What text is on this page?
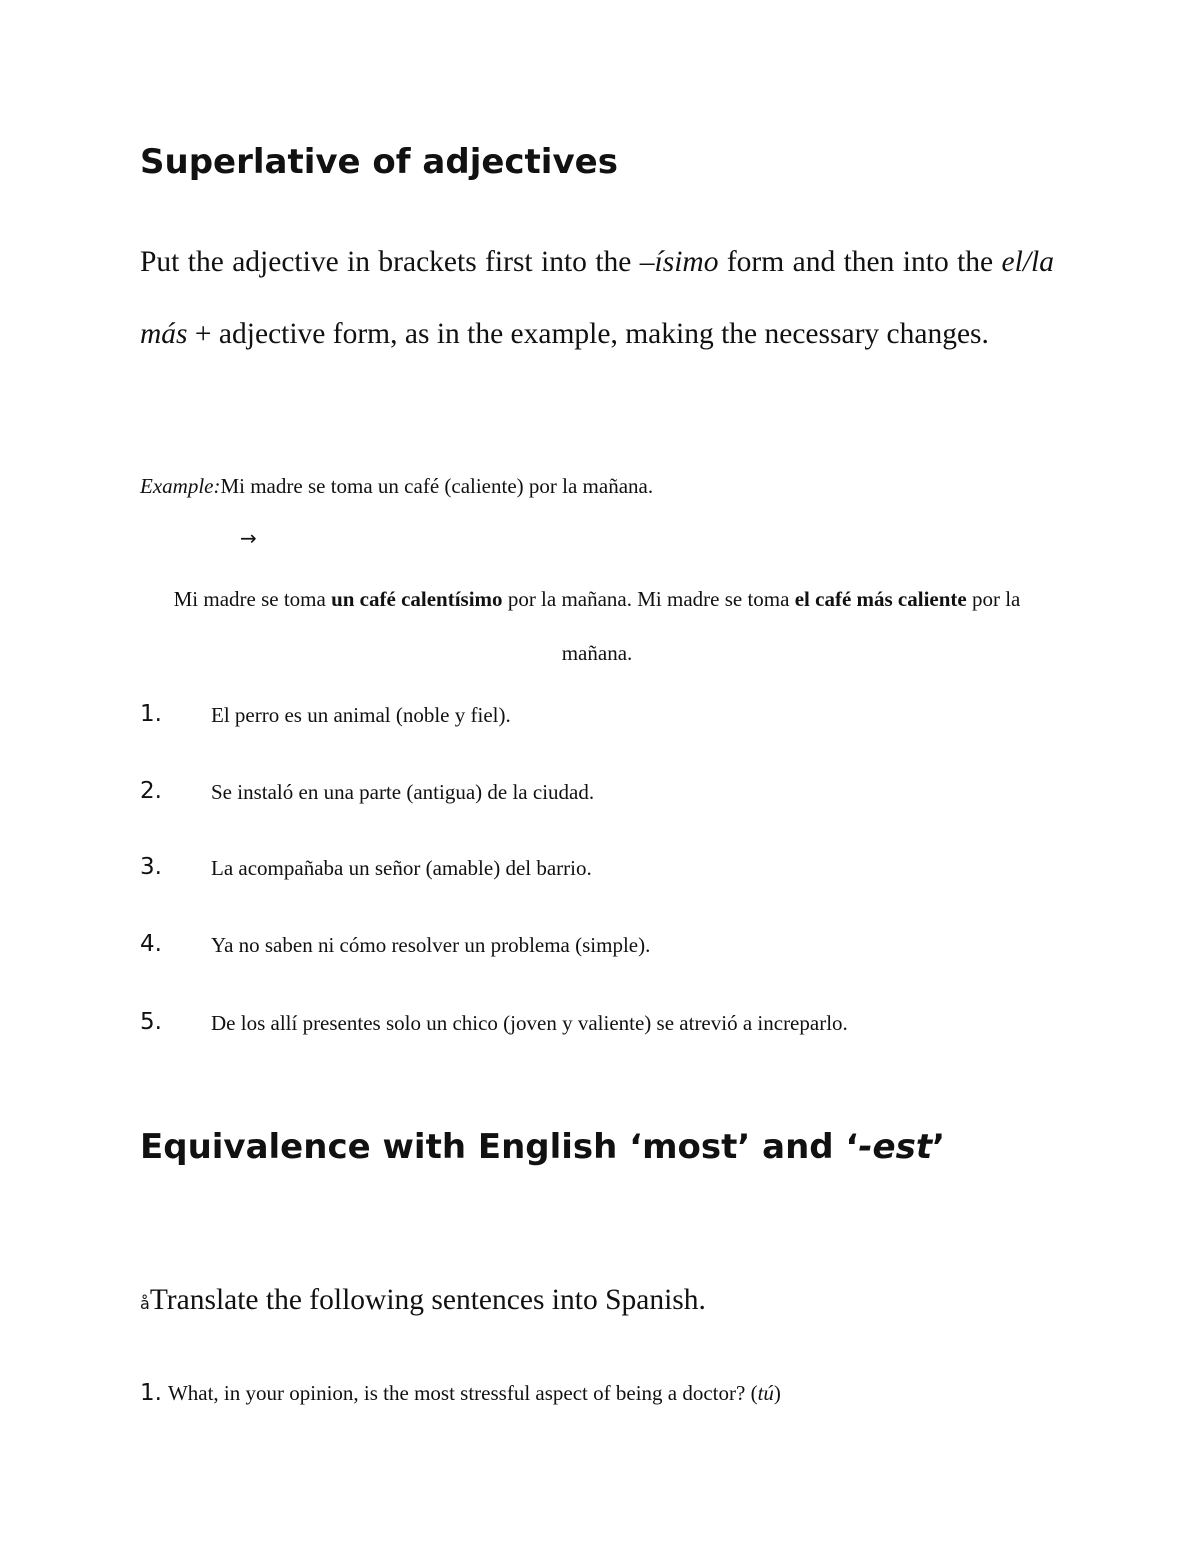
Superlative of adjectives

Put the adjective in brackets first into the –ísimo form and then into the el/la más + adjective form, as in the example, making the necessary changes.

Example:Mi madre se toma un café (caliente) por la mañana.

→

Mi madre se toma un café calentísimo por la mañana. Mi madre se toma el café más caliente por la mañana.

1. El perro es un animal (noble y fiel).
2. Se instaló en una parte (antigua) de la ciudad.
3. La acompañaba un señor (amable) del barrio.
4. Ya no saben ni cómo resolver un problema (simple).
5. De los allí presentes solo un chico (joven y valiente) se atrevió a increparlo.
Equivalence with English ‘most’ and ‘-est’

åTranslate the following sentences into Spanish.

1. What, in your opinion, is the most stressful aspect of being a doctor? (tú)
